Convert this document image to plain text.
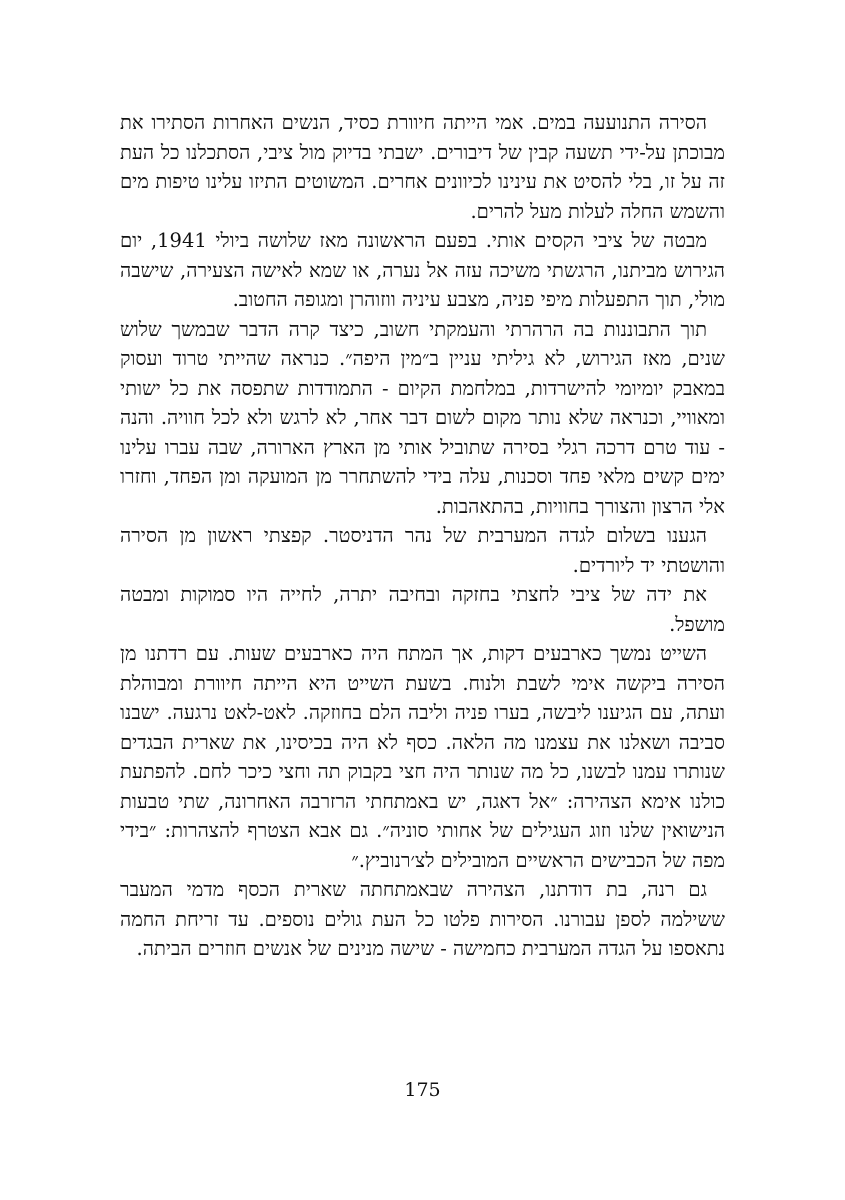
הסירה התנועעה במים. אמי הייתה חיוורת כסיד, הנשים האחרות הסתירו את מבוכתן על-ידי תשעה קבין של דיבורים. ישבתי בדיוק מול ציבי, הסתכלנו כל העת זה על זו, בלי להסיט את עינינו לכיוונים אחרים. המשוטים התיזו עלינו טיפות מים והשמש החלה לעלות מעל להרים.

מבטה של ציבי הקסים אותי. בפעם הראשונה מאז שלושה ביולי 1941, יום הגירוש מביתנו, הרגשתי משיכה עזה אל נערה, או שמא לאישה הצעירה, שישבה מולי, תוך התפעלות מיפי פניה, מצבע עיניה ווזוהרן ומגופה החטוב.

תוך התבוננות בה הרהרתי והעמקתי חשוב, כיצד קרה הדבר שבמשך שלוש שנים, מאז הגירוש, לא גיליתי עניין ב״מין היפה״. כנראה שהייתי טרוד ועסוק במאבק יומיומי להישרדות, במלחמת הקיום - התמודדות שתפסה את כל ישותי ומאוויי, וכנראה שלא נותר מקום לשום דבר אחר, לא לרגש ולא לכל חוויה. והנה - עוד טרם דרכה רגלי בסירה שתוביל אותי מן הארץ הארורה, שבה עברו עלינו ימים קשים מלאי פחד וסכנות, עלה בידי להשתחרר מן המועקה ומן הפחד, וחזרו אלי הרצון והצורך בחוויות, בהתאהבות.

הגענו בשלום לגדה המערבית של נהר הדניסטר. קפצתי ראשון מן הסירה והושטתי יד ליורדים.

את ידה של ציבי לחצתי בחזקה ובחיבה יתרה, לחייה היו סמוקות ומבטה מושפל.

השייט נמשך כארבעים דקות, אך המתח היה כארבעים שעות. עם רדתנו מן הסירה ביקשה אימי לשבת ולנוח. בשעת השייט היא הייתה חיוורת ומבוהלת ועתה, עם הגיענו ליבשה, בערו פניה וליבה הלם בחוזקה. לאט-לאט נרגעה. ישבנו סביבה ושאלנו את עצמנו מה הלאה. כסף לא היה בכיסינו, את שארית הבגדים שנותרו עמנו לבשנו, כל מה שנותר היה חצי בקבוק תה וחצי כיכר לחם. להפתעת כולנו אימא הצהירה: ״אל דאגה, יש באמתחתי הרזרבה האחרונה, שתי טבעות הנישואין שלנו וזוג העגילים של אחותי סוניה״. גם אבא הצטרף להצהרות: ״בידי מפה של הכבישים הראשיים המובילים לצ׳רנוביץ.״

גם רנה, בת דודתנו, הצהירה שבאמתחתה שארית הכסף מדמי המעבר ששילמה לספן עבורנו. הסירות פלטו כל העת גולים נוספים. עד זריחת החמה נתאספו על הגדה המערבית כחמישה - שישה מנינים של אנשים חוזרים הביתה.

175
